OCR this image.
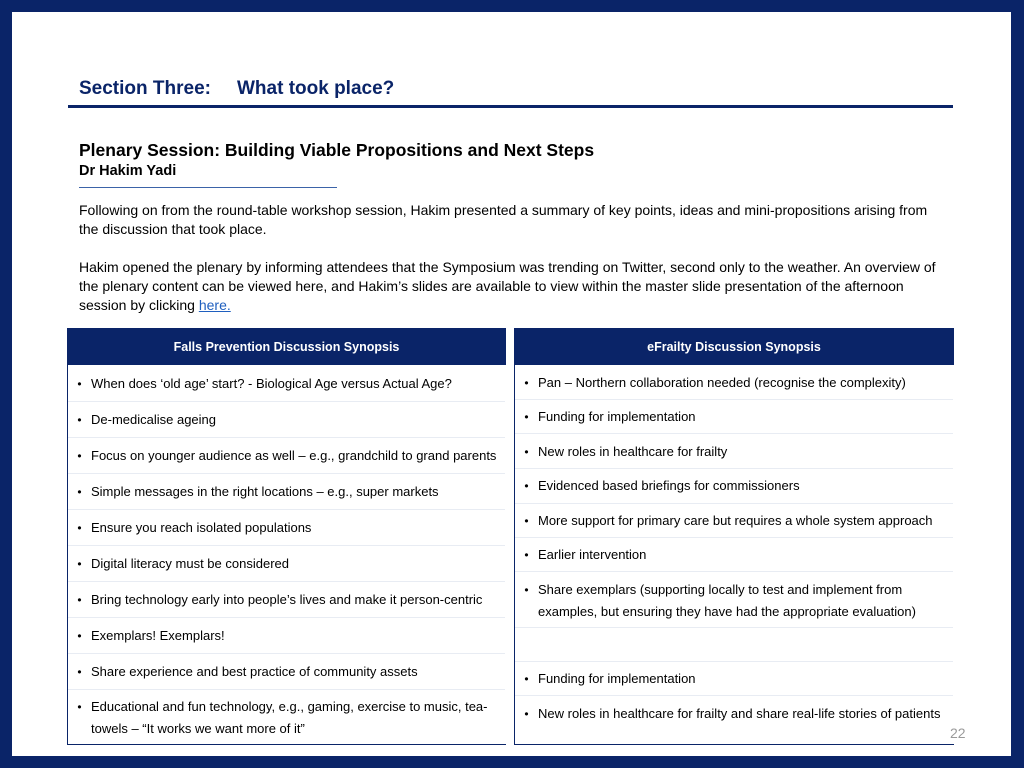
Section Three: What took place?
Plenary Session: Building Viable Propositions and Next Steps
Dr Hakim Yadi
Following on from the round-table workshop session, Hakim presented a summary of key points, ideas and mini-propositions arising from the discussion that took place.
Hakim opened the plenary by informing attendees that the Symposium was trending on Twitter, second only to the weather. An overview of the plenary content can be viewed here, and Hakim’s slides are available to view within the master slide presentation of the afternoon session by clicking here.
Falls Prevention Discussion Synopsis
• When does ‘old age’ start? - Biological Age versus Actual Age?
• De-medicalise ageing
• Focus on younger audience as well – e.g., grandchild to grand parents
• Simple messages in the right locations – e.g., super markets
• Ensure you reach isolated populations
• Digital literacy must be considered
• Bring technology early into people’s lives and make it person-centric
• Exemplars! Exemplars!
• Share experience and best practice of community assets
• Educational and fun technology, e.g., gaming, exercise to music, tea-towels – “It works we want more of it”
eFrailty Discussion Synopsis
• Pan – Northern collaboration needed (recognise the complexity)
• Funding for implementation
• New roles in healthcare for frailty
• Evidenced based briefings for commissioners
• More support for primary care but requires a whole system approach
• Earlier intervention
• Share exemplars (supporting locally to test and implement from examples, but ensuring they have had the appropriate evaluation)
• Funding for implementation
• New roles in healthcare for frailty and share real-life stories of patients
22
